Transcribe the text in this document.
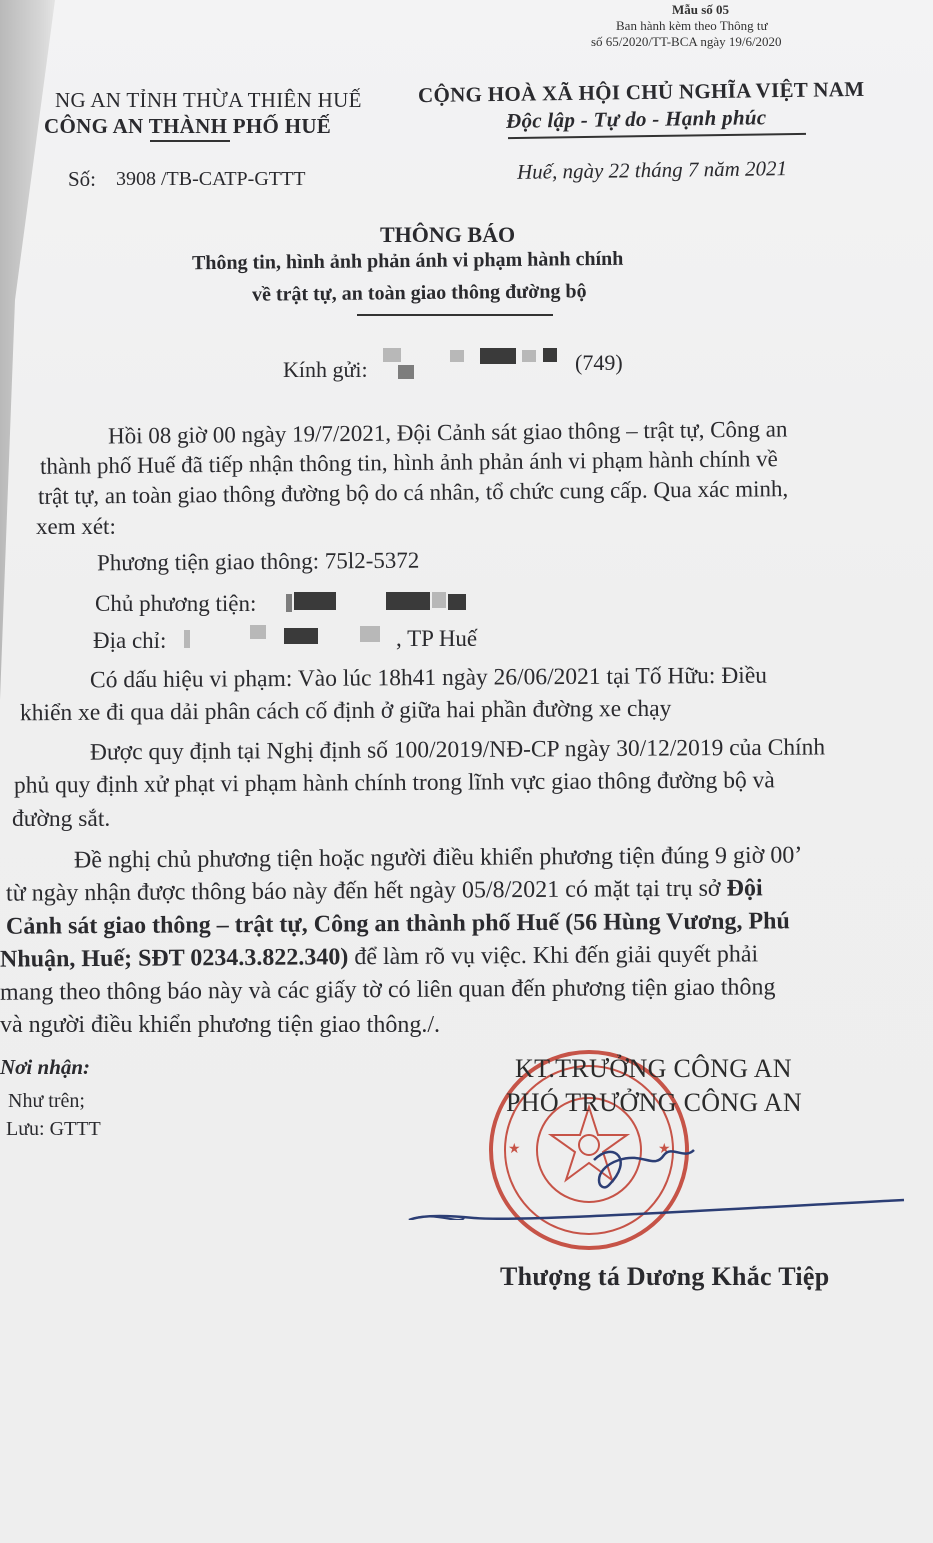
Mẫu số 05
Ban hành kèm theo Thông tư
số 65/2020/TT-BCA ngày 19/6/2020
NG AN TỈNH THỪA THIÊN HUẾ
CÔNG AN THÀNH PHỐ HUẾ
Số: 3908 /TB-CATP-GTTT
CỘNG HOÀ XÃ HỘI CHỦ NGHĨA VIỆT NAM
Độc lập - Tự do - Hạnh phúc
Huế, ngày 22 tháng 7 năm 2021
THÔNG BÁO
Thông tin, hình ảnh phản ánh vi phạm hành chính
về trật tự, an toàn giao thông đường bộ
Kính gửi:	(749)
Hồi 08 giờ 00 ngày 19/7/2021, Đội Cảnh sát giao thông – trật tự, Công an
thành phố Huế đã tiếp nhận thông tin, hình ảnh phản ánh vi phạm hành chính về
trật tự, an toàn giao thông đường bộ do cá nhân, tổ chức cung cấp. Qua xác minh,
xem xét:
Phương tiện giao thông: 75l2-5372
Chủ phương tiện:
Địa chỉ:	, TP Huế
Có dấu hiệu vi phạm: Vào lúc 18h41 ngày 26/06/2021 tại Tố Hữu: Điều
khiển xe đi qua dải phân cách cố định ở giữa hai phần đường xe chạy
Được quy định tại Nghị định số 100/2019/NĐ-CP ngày 30/12/2019 của Chính
phủ quy định xử phạt vi phạm hành chính trong lĩnh vực giao thông đường bộ và
đường sắt.
Đề nghị chủ phương tiện hoặc người điều khiển phương tiện đúng 9 giờ 00’
từ ngày nhận được thông báo này đến hết ngày 05/8/2021 có mặt tại trụ sở Đội
Cảnh sát giao thông – trật tự, Công an thành phố Huế (56 Hùng Vương, Phú
Nhuận, Huế; SĐT 0234.3.822.340) để làm rõ vụ việc. Khi đến giải quyết phải
mang theo thông báo này và các giấy tờ có liên quan đến phương tiện giao thông
và người điều khiển phương tiện giao thông./.
Nơi nhận:
Như trên;
Lưu: GTTT
★	★
KT.TRƯỞNG CÔNG AN
PHÓ TRƯỞNG CÔNG AN
Thượng tá Dương Khắc Tiệp
